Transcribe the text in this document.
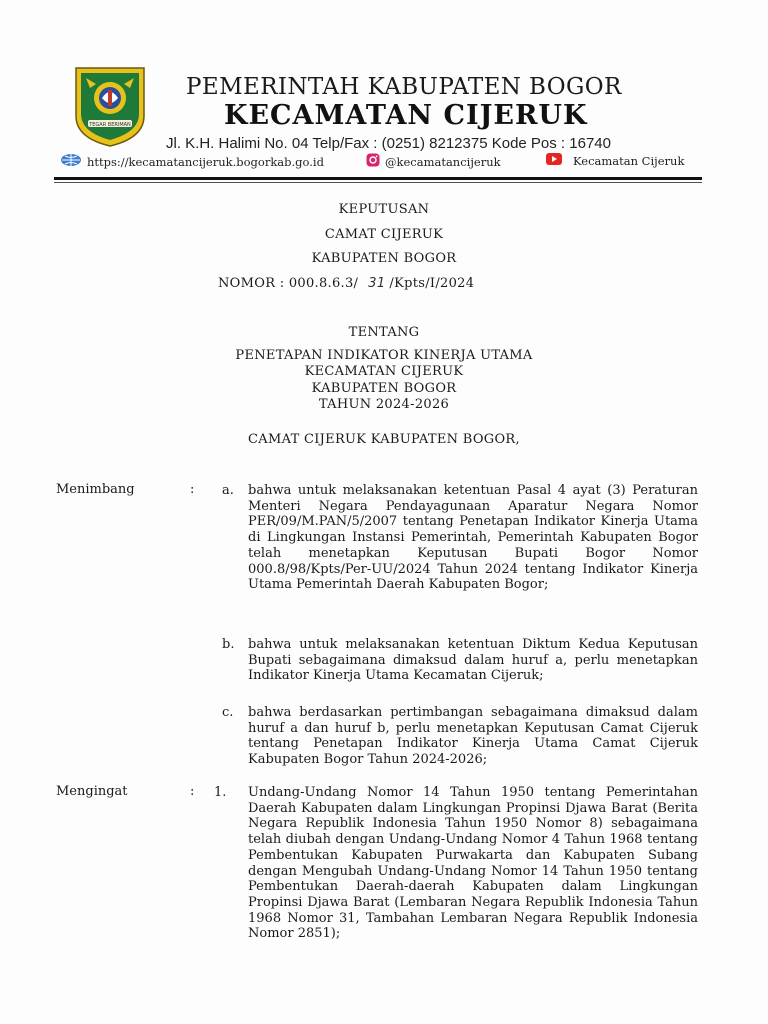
TEGAR BERIMAN
PEMERINTAH KABUPATEN BOGOR
KECAMATAN CIJERUK
Jl. K.H. Halimi No. 04 Telp/Fax : (0251) 8212375 Kode Pos : 16740
https://kecamatancijeruk.bogorkab.go.id	@kecamatancijeruk	Kecamatan Cijeruk
KEPUTUSAN
CAMAT CIJERUK
KABUPATEN BOGOR
NOMOR : 000.8.6.3/ 31 /Kpts/I/2024
TENTANG
PENETAPAN INDIKATOR KINERJA UTAMA
KECAMATAN CIJERUK
KABUPATEN BOGOR
TAHUN 2024-2026
CAMAT CIJERUK KABUPATEN BOGOR,
Menimbang	: a. bahwa untuk melaksanakan ketentuan Pasal 4 ayat (3) Peraturan Menteri Negara Pendayagunaan Aparatur Negara Nomor PER/09/M.PAN/5/2007 tentang Penetapan Indikator Kinerja Utama di Lingkungan Instansi Pemerintah, Pemerintah Kabupaten Bogor telah menetapkan Keputusan Bupati Bogor Nomor 000.8/98/Kpts/Per-UU/2024 Tahun 2024 tentang Indikator Kinerja Utama Pemerintah Daerah Kabupaten Bogor;
b. bahwa untuk melaksanakan ketentuan Diktum Kedua Keputusan Bupati sebagaimana dimaksud dalam huruf a, perlu menetapkan Indikator Kinerja Utama Kecamatan Cijeruk;
c. bahwa berdasarkan pertimbangan sebagaimana dimaksud dalam huruf a dan huruf b, perlu menetapkan Keputusan Camat Cijeruk tentang Penetapan Indikator Kinerja Utama Camat Cijeruk Kabupaten Bogor Tahun 2024-2026;
Mengingat	: 1. Undang-Undang Nomor 14 Tahun 1950 tentang Pemerintahan Daerah Kabupaten dalam Lingkungan Propinsi Djawa Barat (Berita Negara Republik Indonesia Tahun 1950 Nomor 8) sebagaimana telah diubah dengan Undang-Undang Nomor 4 Tahun 1968 tentang Pembentukan Kabupaten Purwakarta dan Kabupaten Subang dengan Mengubah Undang-Undang Nomor 14 Tahun 1950 tentang Pembentukan Daerah-daerah Kabupaten dalam Lingkungan Propinsi Djawa Barat (Lembaran Negara Republik Indonesia Tahun 1968 Nomor 31, Tambahan Lembaran Negara Republik Indonesia Nomor 2851);
